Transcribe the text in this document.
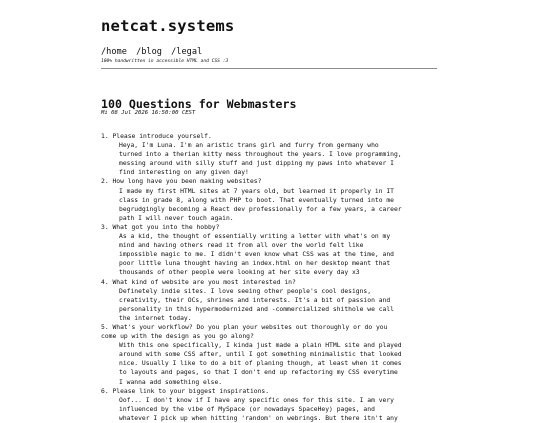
netcat.systems
/home /blog /legal
100% handwritten in accessible HTML and CSS :3
100 Questions for Webmasters
Mi 08 Jul 2026 16:50:00 CEST
1. Please introduce yourself.
Heya, I'm Luna. I'm an aristic trans girl and furry from germany who
turned into a therian kitty mess throughout the years. I love programming,
messing around with silly stuff and just dipping my paws into whatever I
find interesting on any given day!
2. How long have you been making websites?
I made my first HTML sites at 7 years old, but learned it properly in IT
class in grade 8, along with PHP to boot. That eventually turned into me
begrudgingly becoming a React dev professionally for a few years, a career
path I will never touch again.
3. What got you into the hobby?
As a kid, the thought of essentially writing a letter with what's on my
mind and having others read it from all over the world felt like
impossible magic to me. I didn't even know what CSS was at the time, and
poor little luna thought having an index.html on her desktop meant that
thousands of other people were looking at her site every day x3
4. What kind of website are you most interested in?
Definetely indie sites. I love seeing other people's cool designs,
creativity, their OCs, shrines and interests. It's a bit of passion and
personality in this hypermodernized and -commercialized shithole we call
the internet today.
5. What's your workflow? Do you plan your websites out thoroughly or do you
come up with the design as you go along?
With this one specifically, I kinda just made a plain HTML site and played
around with some CSS after, until I got something minimalistic that looked
nice. Usually I like to do a bit of planing though, at least when it comes
to layouts and pages, so that I don't end up refactoring my CSS everytime
I wanna add something else.
6. Please link to your biggest inspirations.
Oof... I don't know if I have any specific ones for this site. I am very
influenced by the vibe of MySpace (or nowadays SpaceHey) pages, and
whatever I pick up when hitting 'random' on webrings. But there itn't any
